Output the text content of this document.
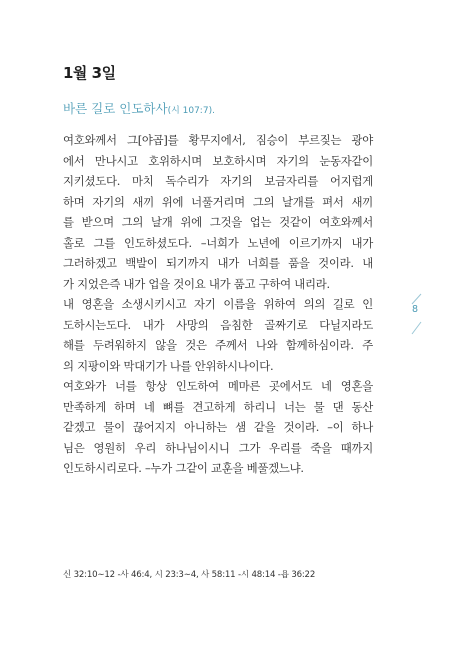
1월 3일
바른 길로 인도하사(시 107:7).
여호와께서 그[야곱]를 황무지에서, 짐승이 부르짖는 광야
에서 만나시고 호위하시며 보호하시며 자기의 눈동자같이
지키셨도다. 마치 독수리가 자기의 보금자리를 어지럽게
하며 자기의 새끼 위에 너풀거리며 그의 날개를 펴서 새끼
를 받으며 그의 날개 위에 그것을 업는 것같이 여호와께서
홀로 그를 인도하셨도다. –너희가 노년에 이르기까지 내가
그러하겠고 백발이 되기까지 내가 너희를 품을 것이라. 내
가 지었은즉 내가 업을 것이요 내가 품고 구하여 내리라.
내 영혼을 소생시키시고 자기 이름을 위하여 의의 길로 인
도하시는도다. 내가 사망의 음침한 골짜기로 다닐지라도
해를 두려워하지 않을 것은 주께서 나와 함께하심이라. 주
의 지팡이와 막대기가 나를 안위하시나이다.
여호와가 너를 항상 인도하여 메마른 곳에서도 네 영혼을
만족하게 하며 네 뼈를 견고하게 하리니 너는 물 댄 동산
같겠고 물이 끊어지지 아니하는 샘 같을 것이라. –이 하나
님은 영원히 우리 하나님이시니 그가 우리를 죽을 때까지
인도하시리로다. –누가 그같이 교훈을 베풀겠느냐.
8
신 32:10∼12 -사 46:4, 시 23:3∼4, 사 58:11 -시 48:14 -욥 36:22
